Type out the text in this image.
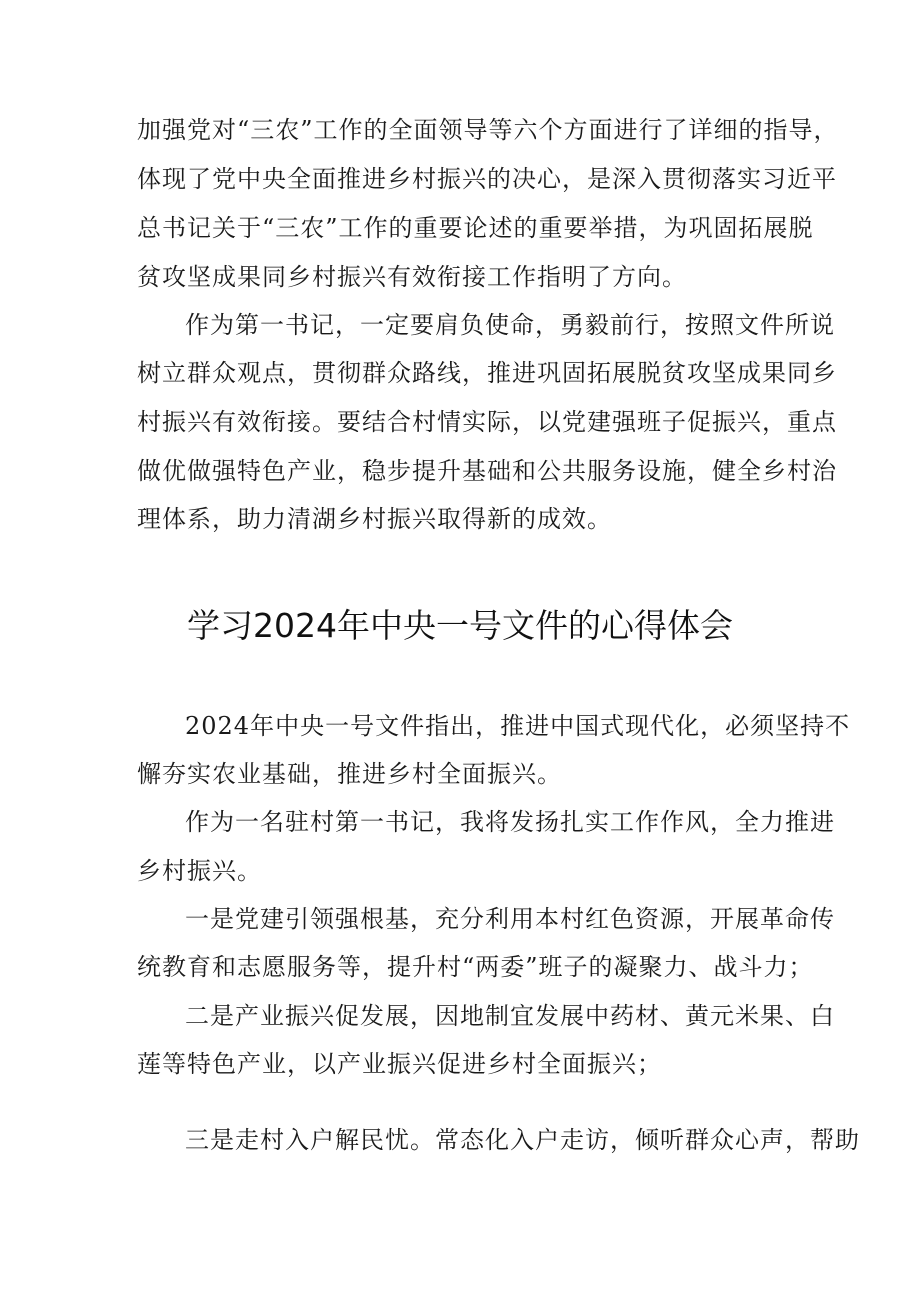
加强党对“三农”工作的全面领导等六个方面进行了详细的指导，

体现了党中央全面推进乡村振兴的决心，是深入贯彻落实习近平

总书记关于“三农”工作的重要论述的重要举措，为巩固拓展脱

贫攻坚成果同乡村振兴有效衔接工作指明了方向。

作为第一书记，一定要肩负使命，勇毅前行，按照文件所说

树立群众观点，贯彻群众路线，推进巩固拓展脱贫攻坚成果同乡

村振兴有效衔接。要结合村情实际，以党建强班子促振兴，重点

做优做强特色产业，稳步提升基础和公共服务设施，健全乡村治

理体系，助力清湖乡村振兴取得新的成效。

学习2024年中央一号文件的心得体会

2024年中央一号文件指出，推进中国式现代化，必须坚持不

懈夯实农业基础，推进乡村全面振兴。

作为一名驻村第一书记，我将发扬扎实工作作风，全力推进

乡村振兴。

一是党建引领强根基，充分利用本村红色资源，开展革命传

统教育和志愿服务等，提升村“两委”班子的凝聚力、战斗力；

二是产业振兴促发展，因地制宜发展中药材、黄元米果、白

莲等特色产业，以产业振兴促进乡村全面振兴；

三是走村入户解民忧。常态化入户走访，倾听群众心声，帮助
